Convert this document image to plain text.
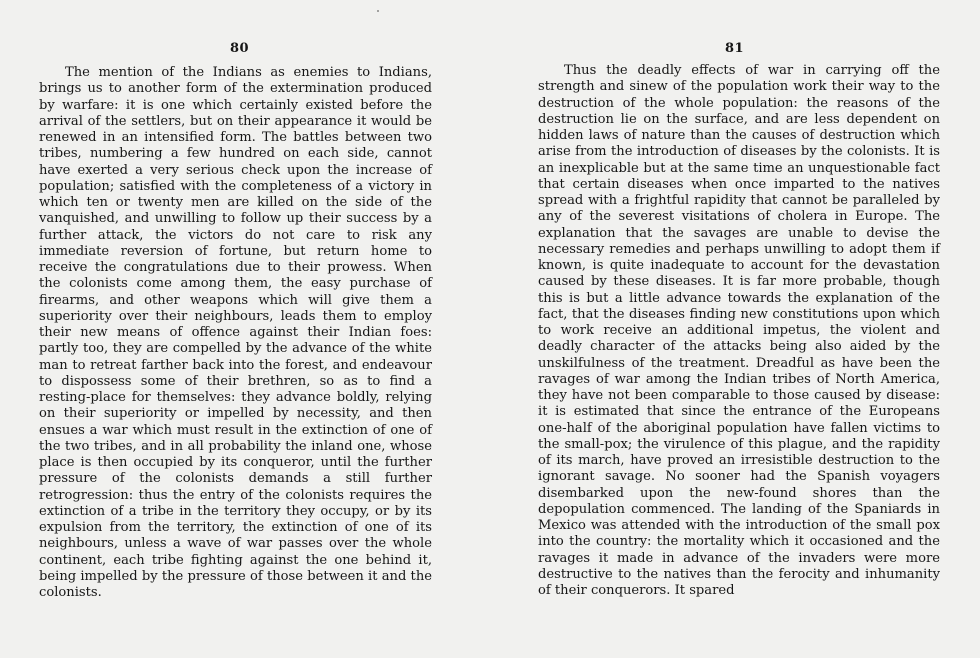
80
The mention of the Indians as enemies to Indians, brings us to another form of the extermination produced by warfare: it is one which certainly existed before the arrival of the settlers, but on their appearance it would be renewed in an intensified form. The battles between two tribes, numbering a few hundred on each side, cannot have exerted a very serious check upon the increase of population; satisfied with the completeness of a victory in which ten or twenty men are killed on the side of the vanquished, and unwilling to follow up their success by a further attack, the victors do not care to risk any immediate reversion of fortune, but return home to receive the congratulations due to their prowess. When the colonists come among them, the easy purchase of firearms, and other weapons which will give them a superiority over their neighbours, leads them to employ their new means of offence against their Indian foes: partly too, they are compelled by the advance of the white man to retreat farther back into the forest, and endeavour to dispossess some of their brethren, so as to find a resting-place for themselves: they advance boldly, relying on their superiority or impelled by necessity, and then ensues a war which must result in the extinction of one of the two tribes, and in all probability the inland one, whose place is then occupied by its conqueror, until the further pressure of the colonists demands a still further retrogression: thus the entry of the colonists requires the extinction of a tribe in the territory they occupy, or by its expulsion from the territory, the extinction of one of its neighbours, unless a wave of war passes over the whole continent, each tribe fighting against the one behind it, being impelled by the pressure of those between it and the colonists.
81
Thus the deadly effects of war in carrying off the strength and sinew of the population work their way to the destruction of the whole population: the reasons of the destruction lie on the surface, and are less dependent on hidden laws of nature than the causes of destruction which arise from the introduction of diseases by the colonists. It is an inexplicable but at the same time an unquestionable fact that certain diseases when once imparted to the natives spread with a frightful rapidity that cannot be paralleled by any of the severest visitations of cholera in Europe. The explanation that the savages are unable to devise the necessary remedies and perhaps unwilling to adopt them if known, is quite inadequate to account for the devastation caused by these diseases. It is far more probable, though this is but a little advance towards the explanation of the fact, that the diseases finding new constitutions upon which to work receive an additional impetus, the violent and deadly character of the attacks being also aided by the unskilfulness of the treatment. Dreadful as have been the ravages of war among the Indian tribes of North America, they have not been comparable to those caused by disease: it is estimated that since the entrance of the Europeans one-half of the aboriginal population have fallen victims to the small-pox; the virulence of this plague, and the rapidity of its march, have proved an irresistible destruction to the ignorant savage. No sooner had the Spanish voyagers disembarked upon the new-found shores than the depopulation commenced. The landing of the Spaniards in Mexico was attended with the introduction of the small pox into the country: the mortality which it occasioned and the ravages it made in advance of the invaders were more destructive to the natives than the ferocity and inhumanity of their conquerors. It spared
